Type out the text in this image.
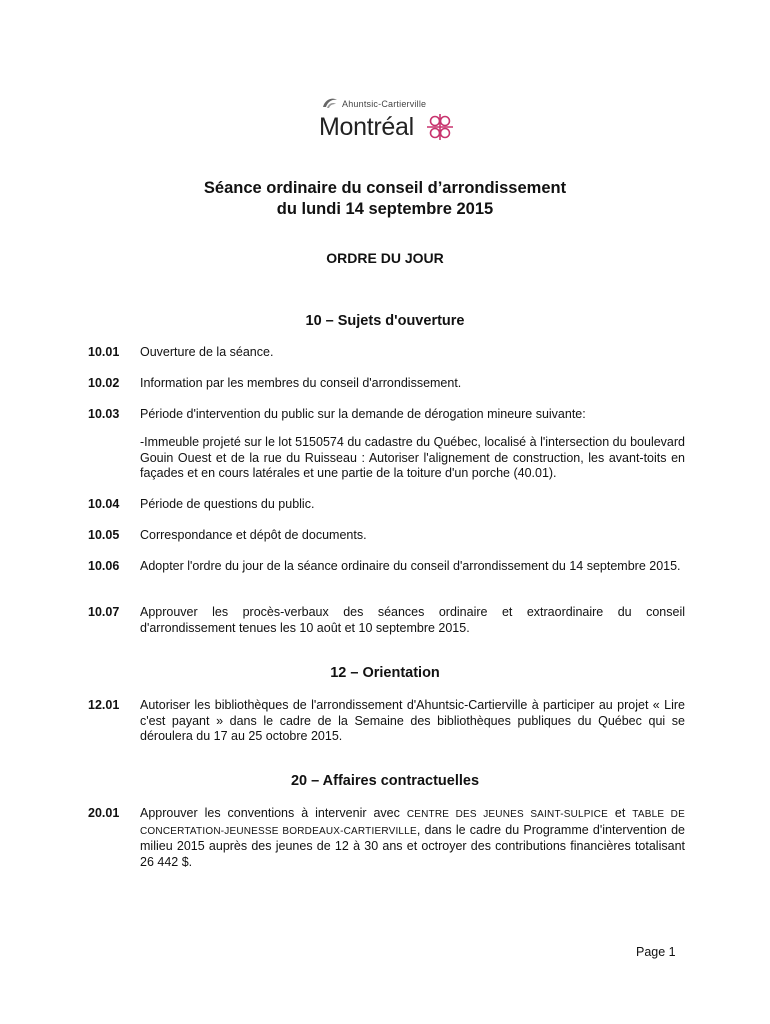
Ahuntsic-Cartierville
Montréal
Séance ordinaire du conseil d’arrondissement
du lundi 14 septembre 2015
ORDRE DU JOUR
10 – Sujets d'ouverture
10.01 Ouverture de la séance.
10.02 Information par les membres du conseil d'arrondissement.
10.03 Période d'intervention du public sur la demande de dérogation mineure suivante:
-Immeuble projeté sur le lot 5150574 du cadastre du Québec, localisé à l'intersection du boulevard Gouin Ouest et de la rue du Ruisseau : Autoriser l'alignement de construction, les avant-toits en façades et en cours latérales et une partie de la toiture d'un porche (40.01).
10.04 Période de questions du public.
10.05 Correspondance et dépôt de documents.
10.06 Adopter l'ordre du jour de la séance ordinaire du conseil d'arrondissement du 14 septembre 2015.
10.07 Approuver les procès-verbaux des séances ordinaire et extraordinaire du conseil d'arrondissement tenues les 10 août et 10 septembre 2015.
12 – Orientation
12.01 Autoriser les bibliothèques de l'arrondissement d'Ahuntsic-Cartierville à participer au projet « Lire c'est payant » dans le cadre de la Semaine des bibliothèques publiques du Québec qui se déroulera du 17 au 25 octobre 2015.
20 – Affaires contractuelles
20.01 Approuver les conventions à intervenir avec CENTRE DES JEUNES SAINT-SULPICE et TABLE DE CONCERTATION-JEUNESSE BORDEAUX-CARTIERVILLE, dans le cadre du Programme d'intervention de milieu 2015 auprès des jeunes de 12 à 30 ans et octroyer des contributions financières totalisant 26 442 $.
Page 1
